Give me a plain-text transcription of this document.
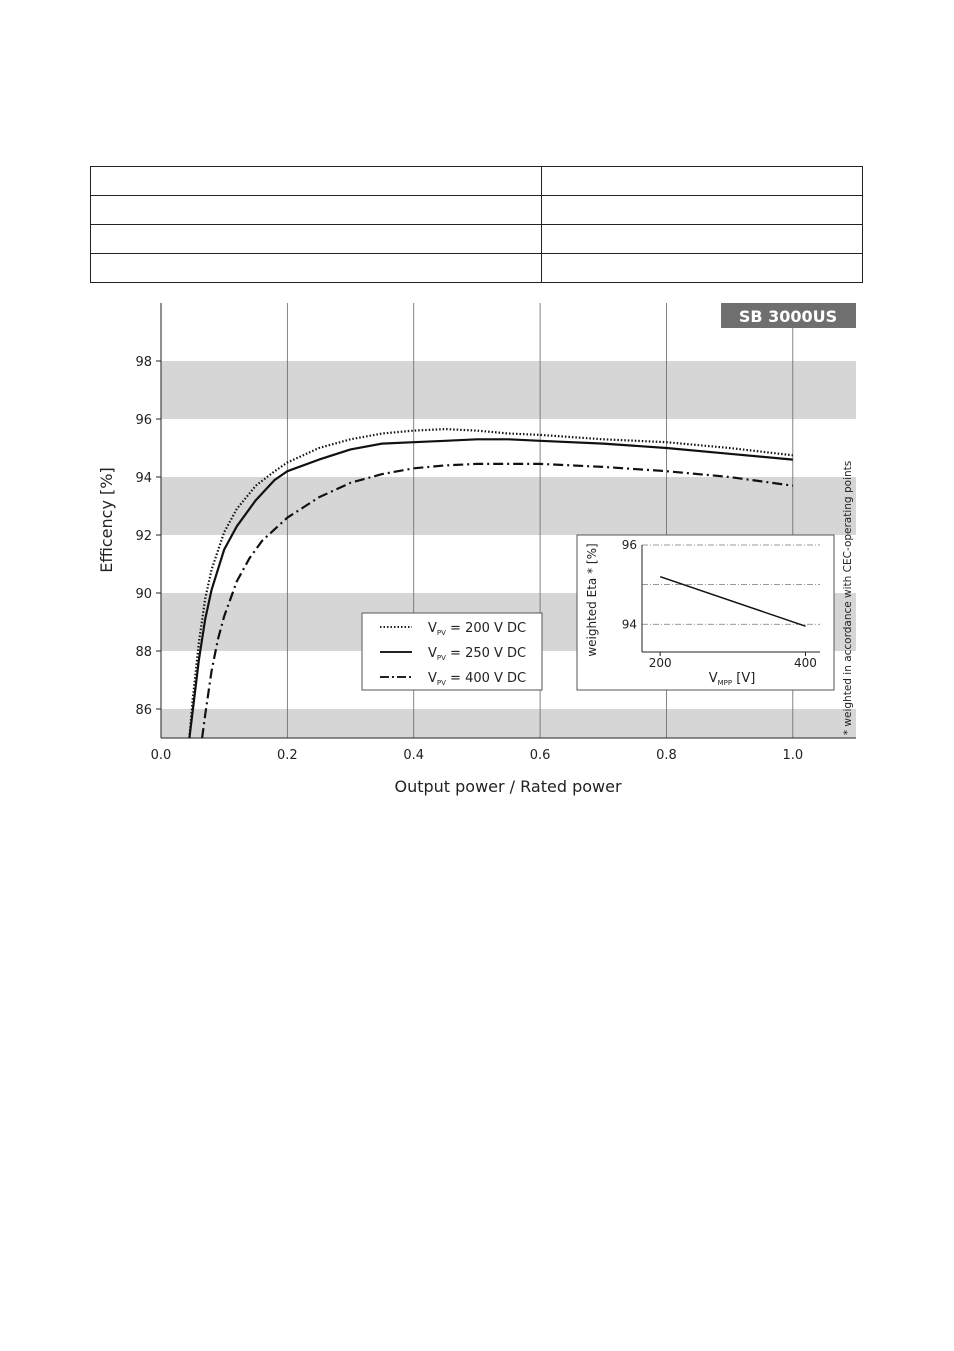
0.0	0.2	0.4	0.6	0.8	1.0
86
88
90
92
94
96
98
SB 3000US
Output power / Rated power
Efficency [%]	* weighted in accordance with CEC-operating points
$V_{PV} = 200$ V DC
$V_{PV} = 250$ V DC
$V_{PV} = 400$ V DC
94
96
200	400
$V_{MPP}$ [V]
weighted Eta * [%]
